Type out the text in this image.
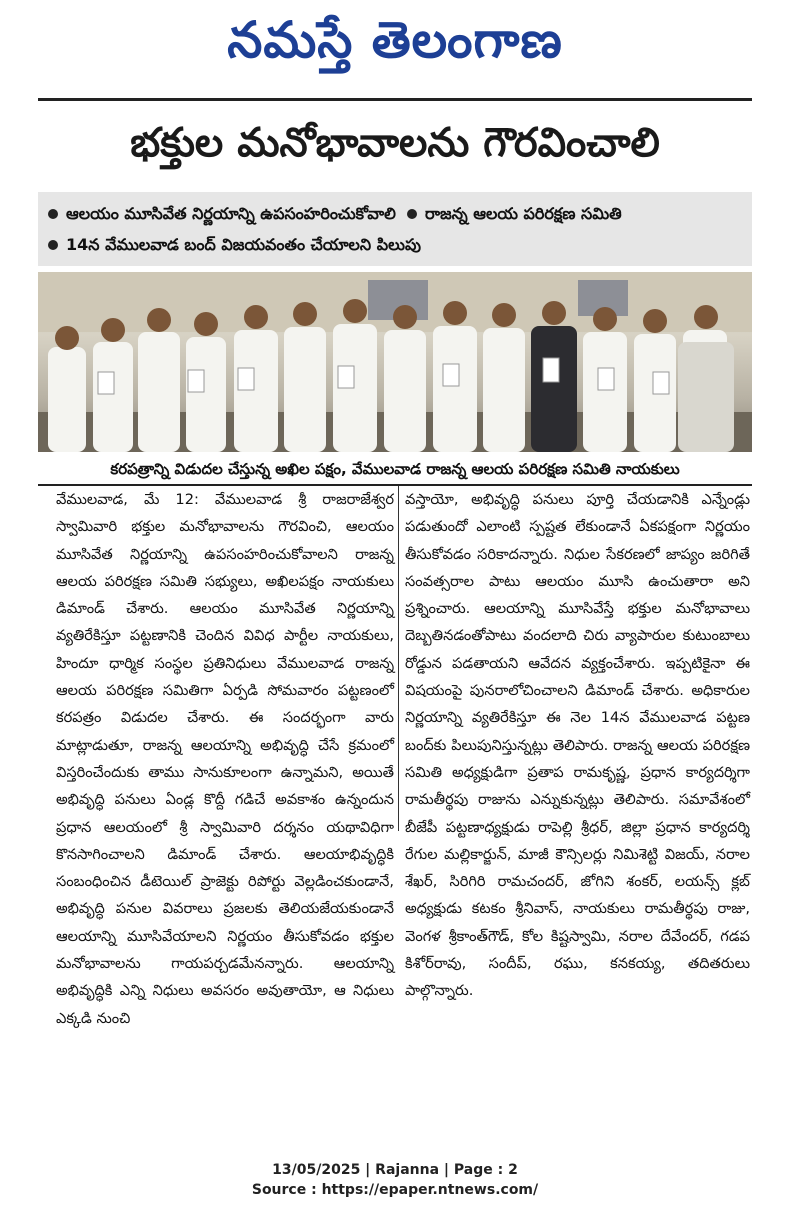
నమస్తే తెలంగాణ
భక్తుల మనోభావాలను గౌరవించాలి
ఆలయం మూసివేత నిర్ణయాన్ని ఉపసంహరించుకోవాలి రాజన్న ఆలయ పరిరక్షణ సమితి
14న వేములవాడ బంద్ విజయవంతం చేయాలని పిలుపు
కరపత్రాన్ని విడుదల చేస్తున్న అఖిల పక్షం, వేములవాడ రాజన్న ఆలయ పరిరక్షణ సమితి నాయకులు

వేములవాడ, మే 12: వేములవాడ శ్రీ రాజరాజేశ్వర స్వామివారి భక్తుల మనోభావాలను గౌరవించి, ఆలయం మూసివేత నిర్ణయాన్ని ఉపసంహరించుకోవాలని రాజన్న ఆలయ పరిరక్షణ సమితి సభ్యులు, అఖిలపక్షం నాయకులు డిమాండ్ చేశారు. ఆలయం మూసివేత నిర్ణయాన్ని వ్యతిరేకిస్తూ పట్టణానికి చెందిన వివిధ పార్టీల నాయకులు, హిందూ ధార్మిక సంస్థల ప్రతినిధులు వేములవాడ రాజన్న ఆలయ పరిరక్షణ సమితిగా ఏర్పడి సోమవారం పట్టణంలో కరపత్రం విడుదల చేశారు. ఈ సందర్భంగా వారు మాట్లాడుతూ, రాజన్న ఆలయాన్ని అభివృద్ధి చేసే క్రమంలో విస్తరించేందుకు తాము సానుకూలంగా ఉన్నామని, అయితే అభివృద్ధి పనులు ఏండ్ల కొద్దీ గడిచే అవకాశం ఉన్నందున ప్రధాన ఆలయంలో శ్రీ స్వామివారి దర్శనం యథావిధిగా కొనసాగించాలని డిమాండ్ చేశారు. ఆలయాభివృద్ధికి సంబంధించిన డీటెయిల్ ప్రాజెక్టు రిపోర్టు వెల్లడించకుండానే, అభివృద్ధి పనుల వివరాలు ప్రజలకు తెలియజేయకుండానే ఆలయాన్ని మూసివేయాలని నిర్ణయం తీసుకోవడం భక్తుల మనోభావాలను గాయపర్చడమేనన్నారు. ఆలయాన్ని అభివృద్ధికి ఎన్ని నిధులు అవసరం అవుతాయో, ఆ నిధులు ఎక్కడి నుంచి

వస్తాయో, అభివృద్ధి పనులు పూర్తి చేయడానికి ఎన్నేండ్లు పడుతుందో ఎలాంటి స్పష్టత లేకుండానే ఏకపక్షంగా నిర్ణయం తీసుకోవడం సరికాదన్నారు. నిధుల సేకరణలో జాప్యం జరిగితే సంవత్సరాల పాటు ఆలయం మూసి ఉంచుతారా అని ప్రశ్నించారు. ఆలయాన్ని మూసివేస్తే భక్తుల మనోభావాలు దెబ్బతినడంతోపాటు వందలాది చిరు వ్యాపారుల కుటుంబాలు రోడ్డున పడతాయని ఆవేదన వ్యక్తంచేశారు. ఇప్పటికైనా ఈ విషయంపై పునరాలోచించాలని డిమాండ్ చేశారు. అధికారుల నిర్ణయాన్ని వ్యతిరేకిస్తూ ఈ నెల 14న వేములవాడ పట్టణ బంద్‌కు పిలుపునిస్తున్నట్లు తెలిపారు. రాజన్న ఆలయ పరిరక్షణ సమితి అధ్యక్షుడిగా ప్రతాప రామకృష్ణ, ప్రధాన కార్యదర్శిగా రామతీర్థపు రాజును ఎన్నుకున్నట్లు తెలిపారు. సమావేశంలో బీజేపీ పట్టణాధ్యక్షుడు రాపెల్లి శ్రీధర్, జిల్లా ప్రధాన కార్యదర్శి రేగుల మల్లికార్జున్, మాజీ కౌన్సిలర్లు నిమిశెట్టి విజయ్, నరాల శేఖర్, సిరిగిరి రామచందర్, జోగిని శంకర్, లయన్స్ క్లబ్ అధ్యక్షుడు కటకం శ్రీనివాస్, నాయకులు రామతీర్థపు రాజు, వెంగళ శ్రీకాంత్‌గౌడ్, కోల కిష్టస్వామి, నరాల దేవేందర్, గడప కిశోర్‌రావు, సందీప్, రఘు, కనకయ్య, తదితరులు పాల్గొన్నారు.

13/05/2025 | Rajanna | Page : 2
Source : https://epaper.ntnews.com/
